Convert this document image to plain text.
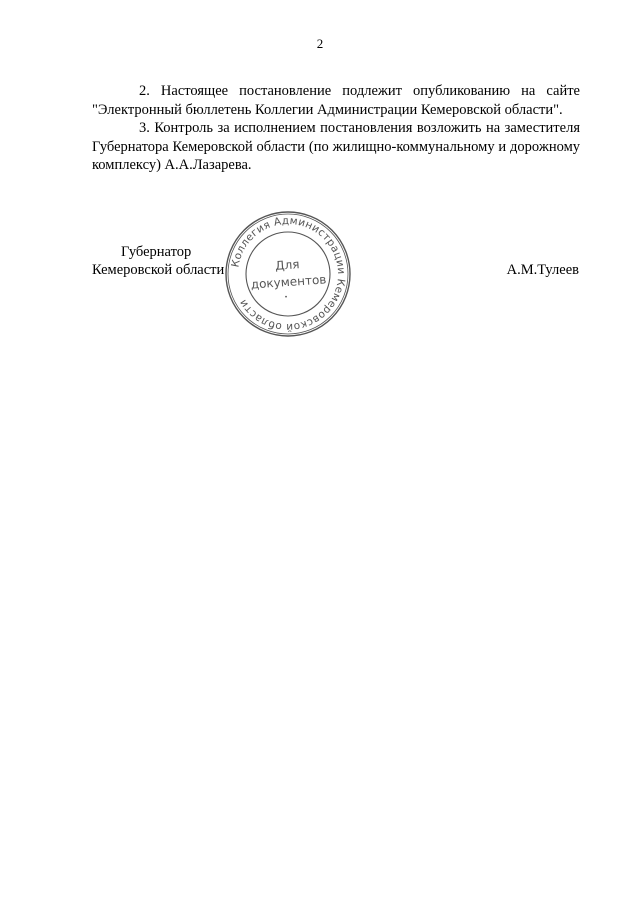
2

2. Настоящее постановление подлежит опубликованию на сайте "Электронный бюллетень Коллегии Администрации Кемеровской области".

3. Контроль за исполнением постановления возложить на заместителя Губернатора Кемеровской области (по жилищно-коммунальному и дорожному комплексу) А.А.Лазарева.

Губернатор
Кемеровской области	А.М.Тулеев
Коллегия Администрации Кемеровской области	•
Для
документов
